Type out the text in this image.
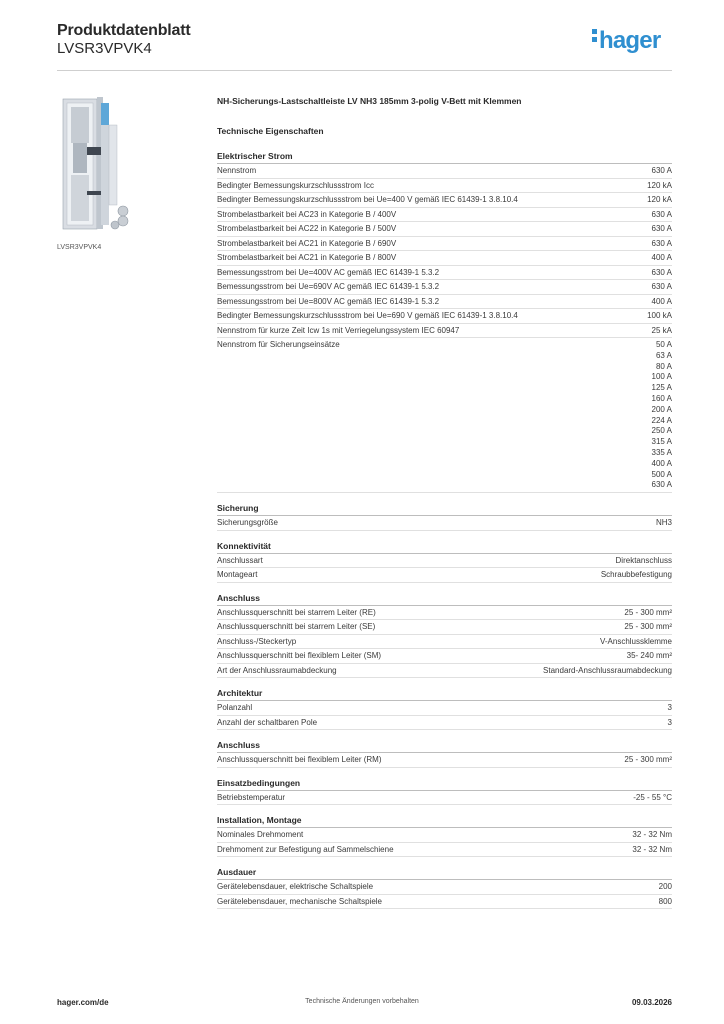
Produktdatenblatt
LVSR3VPVK4	hager
LVSR3VPVK4
NH-Sicherungs-Lastschaltleiste LV NH3 185mm 3-polig V-Bett mit Klemmen
Technische Eigenschaften
Elektrischer Strom
Nennstrom	630 A
Bedingter Bemessungskurzschlussstrom Icc	120 kA
Bedingter Bemessungskurzschlussstrom bei Ue=400 V gemäß IEC 61439-1 3.8.10.4	120 kA
Strombelastbarkeit bei AC23 in Kategorie B / 400V	630 A
Strombelastbarkeit bei AC22 in Kategorie B / 500V	630 A
Strombelastbarkeit bei AC21 in Kategorie B / 690V	630 A
Strombelastbarkeit bei AC21 in Kategorie B / 800V	400 A
Bemessungsstrom bei Ue=400V AC gemäß IEC 61439-1 5.3.2	630 A
Bemessungsstrom bei Ue=690V AC gemäß IEC 61439-1 5.3.2	630 A
Bemessungsstrom bei Ue=800V AC gemäß IEC 61439-1 5.3.2	400 A
Bedingter Bemessungskurzschlussstrom bei Ue=690 V gemäß IEC 61439-1 3.8.10.4	100 kA
Nennstrom für kurze Zeit Icw 1s mit Verriegelungssystem IEC 60947	25 kA
Nennstrom für Sicherungseinsätze	50 A
63 A
80 A
100 A
125 A
160 A
200 A
224 A
250 A
315 A
335 A
400 A
500 A
630 A
Sicherung
Sicherungsgröße	NH3
Konnektivität
Anschlussart	Direktanschluss
Montageart	Schraubbefestigung
Anschluss
Anschlussquerschnitt bei starrem Leiter (RE)	25 - 300 mm²
Anschlussquerschnitt bei starrem Leiter (SE)	25 - 300 mm²
Anschluss-/Steckertyp	V-Anschlussklemme
Anschlussquerschnitt bei flexiblem Leiter (SM)	35- 240 mm²
Art der Anschlussraumabdeckung	Standard-Anschlussraumabdeckung
Architektur
Polanzahl	3
Anzahl der schaltbaren Pole	3
Anschluss
Anschlussquerschnitt bei flexiblem Leiter (RM)	25 - 300 mm²
Einsatzbedingungen
Betriebstemperatur	-25 - 55 °C
Installation, Montage
Nominales Drehmoment	32 - 32 Nm
Drehmoment zur Befestigung auf Sammelschiene	32 - 32 Nm
Ausdauer
Gerätelebensdauer, elektrische Schaltspiele	200
Gerätelebensdauer, mechanische Schaltspiele	800
hager.com/de	Technische Änderungen vorbehalten	09.03.2026
